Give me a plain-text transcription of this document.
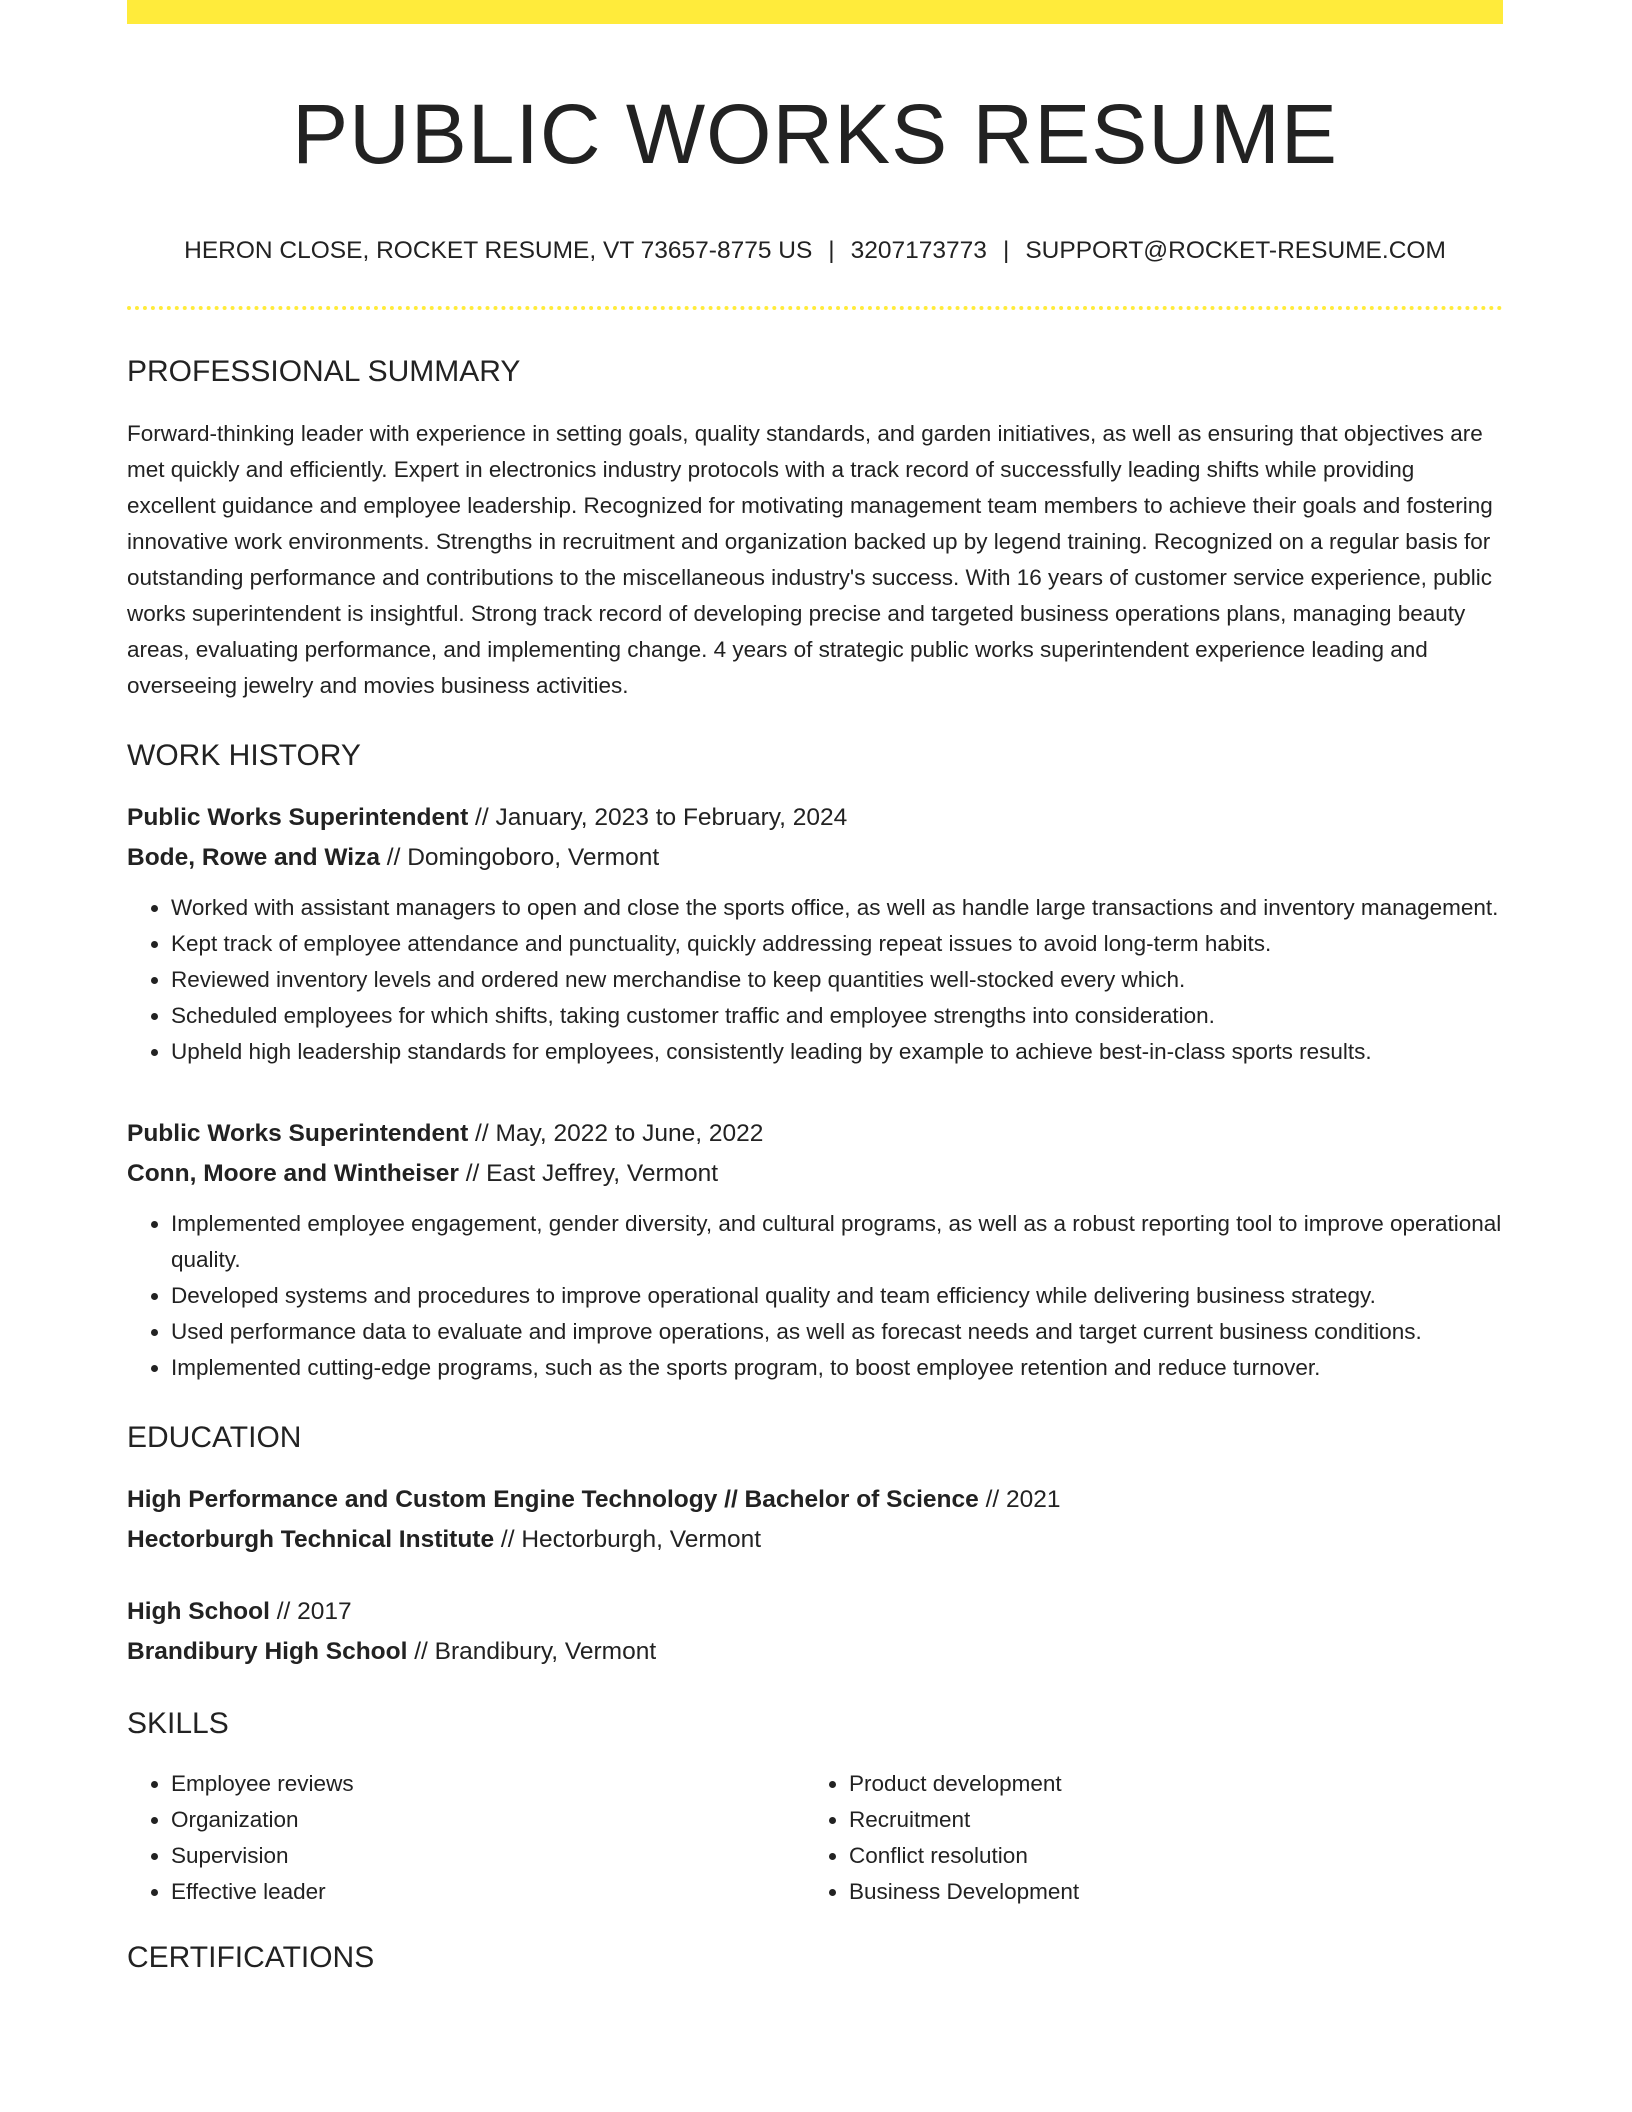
PUBLIC WORKS RESUME
HERON CLOSE, ROCKET RESUME, VT 73657-8775 US | 3207173773 | SUPPORT@ROCKET-RESUME.COM
PROFESSIONAL SUMMARY

Forward-thinking leader with experience in setting goals, quality standards, and garden initiatives, as well as ensuring that objectives are met quickly and efficiently. Expert in electronics industry protocols with a track record of successfully leading shifts while providing excellent guidance and employee leadership. Recognized for motivating management team members to achieve their goals and fostering innovative work environments. Strengths in recruitment and organization backed up by legend training. Recognized on a regular basis for outstanding performance and contributions to the miscellaneous industry's success. With 16 years of customer service experience, public works superintendent is insightful. Strong track record of developing precise and targeted business operations plans, managing beauty areas, evaluating performance, and implementing change. 4 years of strategic public works superintendent experience leading and overseeing jewelry and movies business activities.

WORK HISTORY
Public Works Superintendent // January, 2023 to February, 2024
Bode, Rowe and Wiza // Domingoboro, Vermont
• Worked with assistant managers to open and close the sports office, as well as handle large transactions and inventory management.
• Kept track of employee attendance and punctuality, quickly addressing repeat issues to avoid long-term habits.
• Reviewed inventory levels and ordered new merchandise to keep quantities well-stocked every which.
• Scheduled employees for which shifts, taking customer traffic and employee strengths into consideration.
• Upheld high leadership standards for employees, consistently leading by example to achieve best-in-class sports results.
Public Works Superintendent // May, 2022 to June, 2022
Conn, Moore and Wintheiser // East Jeffrey, Vermont
• Implemented employee engagement, gender diversity, and cultural programs, as well as a robust reporting tool to improve operational quality.
• Developed systems and procedures to improve operational quality and team efficiency while delivering business strategy.
• Used performance data to evaluate and improve operations, as well as forecast needs and target current business conditions.
• Implemented cutting-edge programs, such as the sports program, to boost employee retention and reduce turnover.
EDUCATION
High Performance and Custom Engine Technology // Bachelor of Science // 2021
Hectorburgh Technical Institute // Hectorburgh, Vermont
High School // 2017
Brandibury High School // Brandibury, Vermont
SKILLS
• Employee reviews
• Organization
• Supervision
• Effective leader
• Product development
• Recruitment
• Conflict resolution
• Business Development
CERTIFICATIONS
